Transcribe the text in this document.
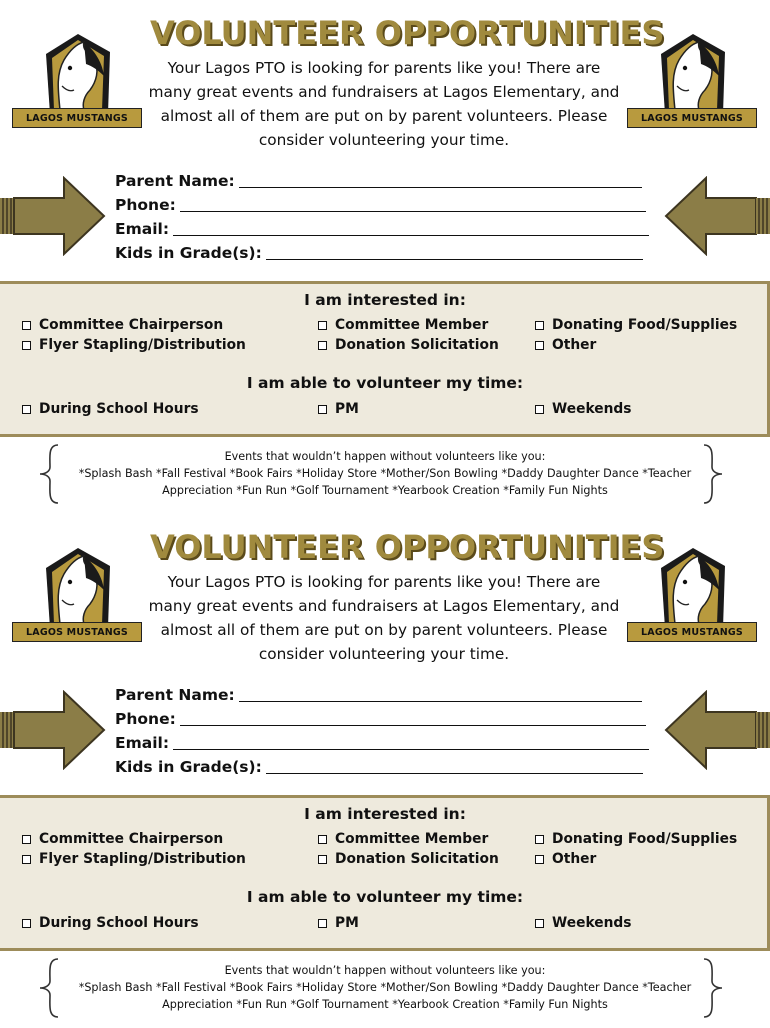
LAGOS MUSTANGS	LAGOS MUSTANGS
VOLUNTEER OPPORTUNITIES
Your Lagos PTO is looking for parents like you! There are many great events and fundraisers at Lagos Elementary, and almost all of them are put on by parent volunteers. Please consider volunteering your time.
Parent Name:
Phone:
Email:
Kids in Grade(s):
I am interested in:
Committee Chairperson	Committee Member	Donating Food/Supplies
Flyer Stapling/Distribution	Donation Solicitation	Other
I am able to volunteer my time:
During School Hours	PM	Weekends
Events that wouldn’t happen without volunteers like you:
*Splash Bash *Fall Festival *Book Fairs *Holiday Store *Mother/Son Bowling *Daddy Daughter Dance *Teacher
Appreciation *Fun Run *Golf Tournament *Yearbook Creation *Family Fun Nights
LAGOS MUSTANGS	LAGOS MUSTANGS
VOLUNTEER OPPORTUNITIES
Your Lagos PTO is looking for parents like you! There are many great events and fundraisers at Lagos Elementary, and almost all of them are put on by parent volunteers. Please consider volunteering your time.
Parent Name:
Phone:
Email:
Kids in Grade(s):
I am interested in:
Committee Chairperson	Committee Member	Donating Food/Supplies
Flyer Stapling/Distribution	Donation Solicitation	Other
I am able to volunteer my time:
During School Hours	PM	Weekends
Events that wouldn’t happen without volunteers like you:
*Splash Bash *Fall Festival *Book Fairs *Holiday Store *Mother/Son Bowling *Daddy Daughter Dance *Teacher
Appreciation *Fun Run *Golf Tournament *Yearbook Creation *Family Fun Nights
